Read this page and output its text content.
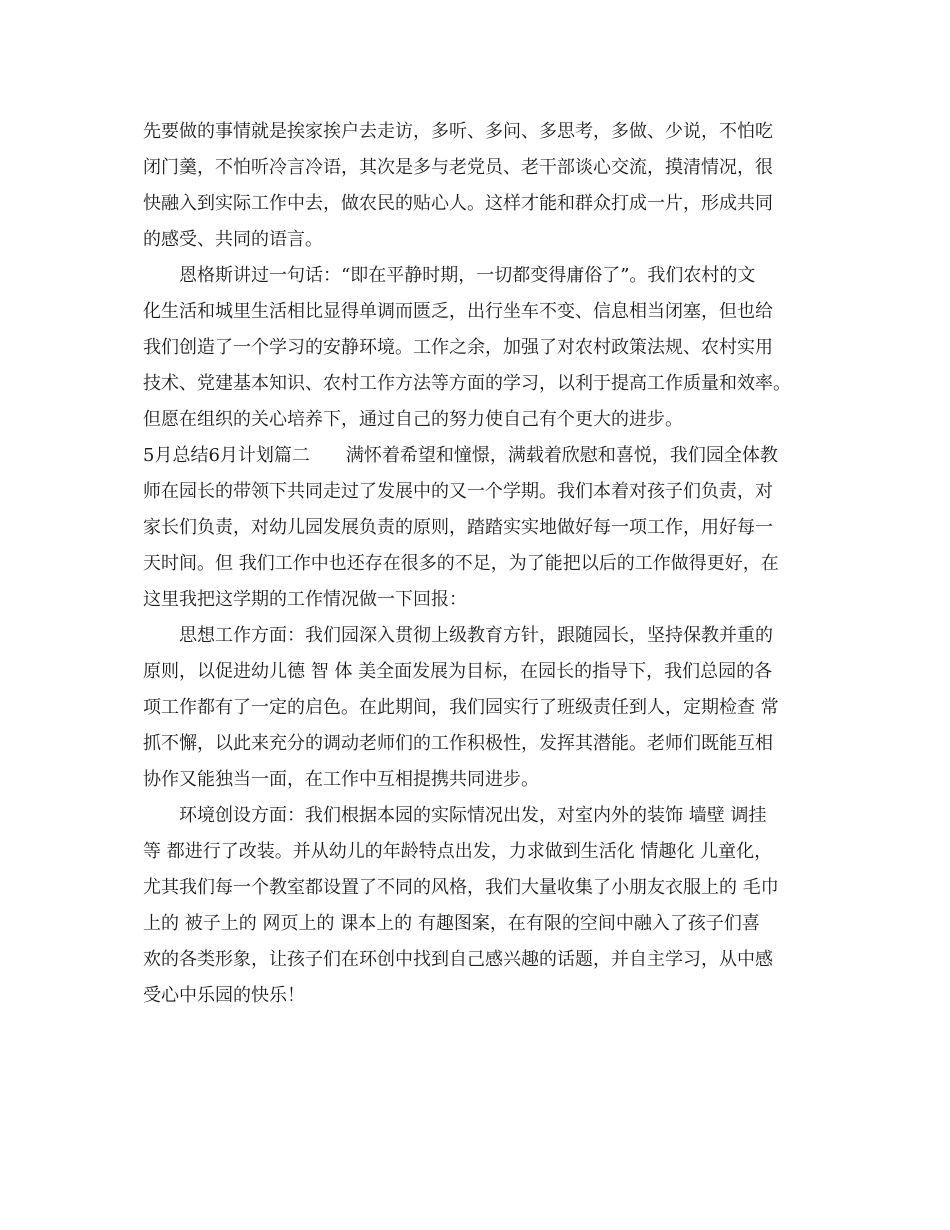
先要做的事情就是挨家挨户去走访，多听、多问、多思考，多做、少说，不怕吃
闭门羹，不怕听冷言冷语，其次是多与老党员、老干部谈心交流，摸清情况，很
快融入到实际工作中去，做农民的贴心人。这样才能和群众打成一片，形成共同
的感受、共同的语言。
　　恩格斯讲过一句话：“即在平静时期，一切都变得庸俗了”。我们农村的文
化生活和城里生活相比显得单调而匮乏，出行坐车不变、信息相当闭塞，但也给
我们创造了一个学习的安静环境。工作之余，加强了对农村政策法规、农村实用
技术、党建基本知识、农村工作方法等方面的学习，以利于提高工作质量和效率。
但愿在组织的关心培养下，通过自己的努力使自己有个更大的进步。
5月总结6月计划篇二　　满怀着希望和憧憬，满载着欣慰和喜悦，我们园全体教
师在园长的带领下共同走过了发展中的又一个学期。我们本着对孩子们负责，对
家长们负责，对幼儿园发展负责的原则，踏踏实实地做好每一项工作，用好每一
天时间。但 我们工作中也还存在很多的不足，为了能把以后的工作做得更好，在
这里我把这学期的工作情况做一下回报：
　　思想工作方面：我们园深入贯彻上级教育方针，跟随园长，坚持保教并重的
原则，以促进幼儿德 智 体 美全面发展为目标，在园长的指导下，我们总园的各
项工作都有了一定的启色。在此期间，我们园实行了班级责任到人，定期检查 常
抓不懈，以此来充分的调动老师们的工作积极性，发挥其潜能。老师们既能互相
协作又能独当一面，在工作中互相提携共同进步。
　　环境创设方面：我们根据本园的实际情况出发，对室内外的装饰 墙壁 调挂
等 都进行了改装。并从幼儿的年龄特点出发，力求做到生活化 情趣化 儿童化，
尤其我们每一个教室都设置了不同的风格，我们大量收集了小朋友衣服上的 毛巾
上的 被子上的 网页上的 课本上的 有趣图案，在有限的空间中融入了孩子们喜
欢的各类形象，让孩子们在环创中找到自己感兴趣的话题，并自主学习，从中感
受心中乐园的快乐！
